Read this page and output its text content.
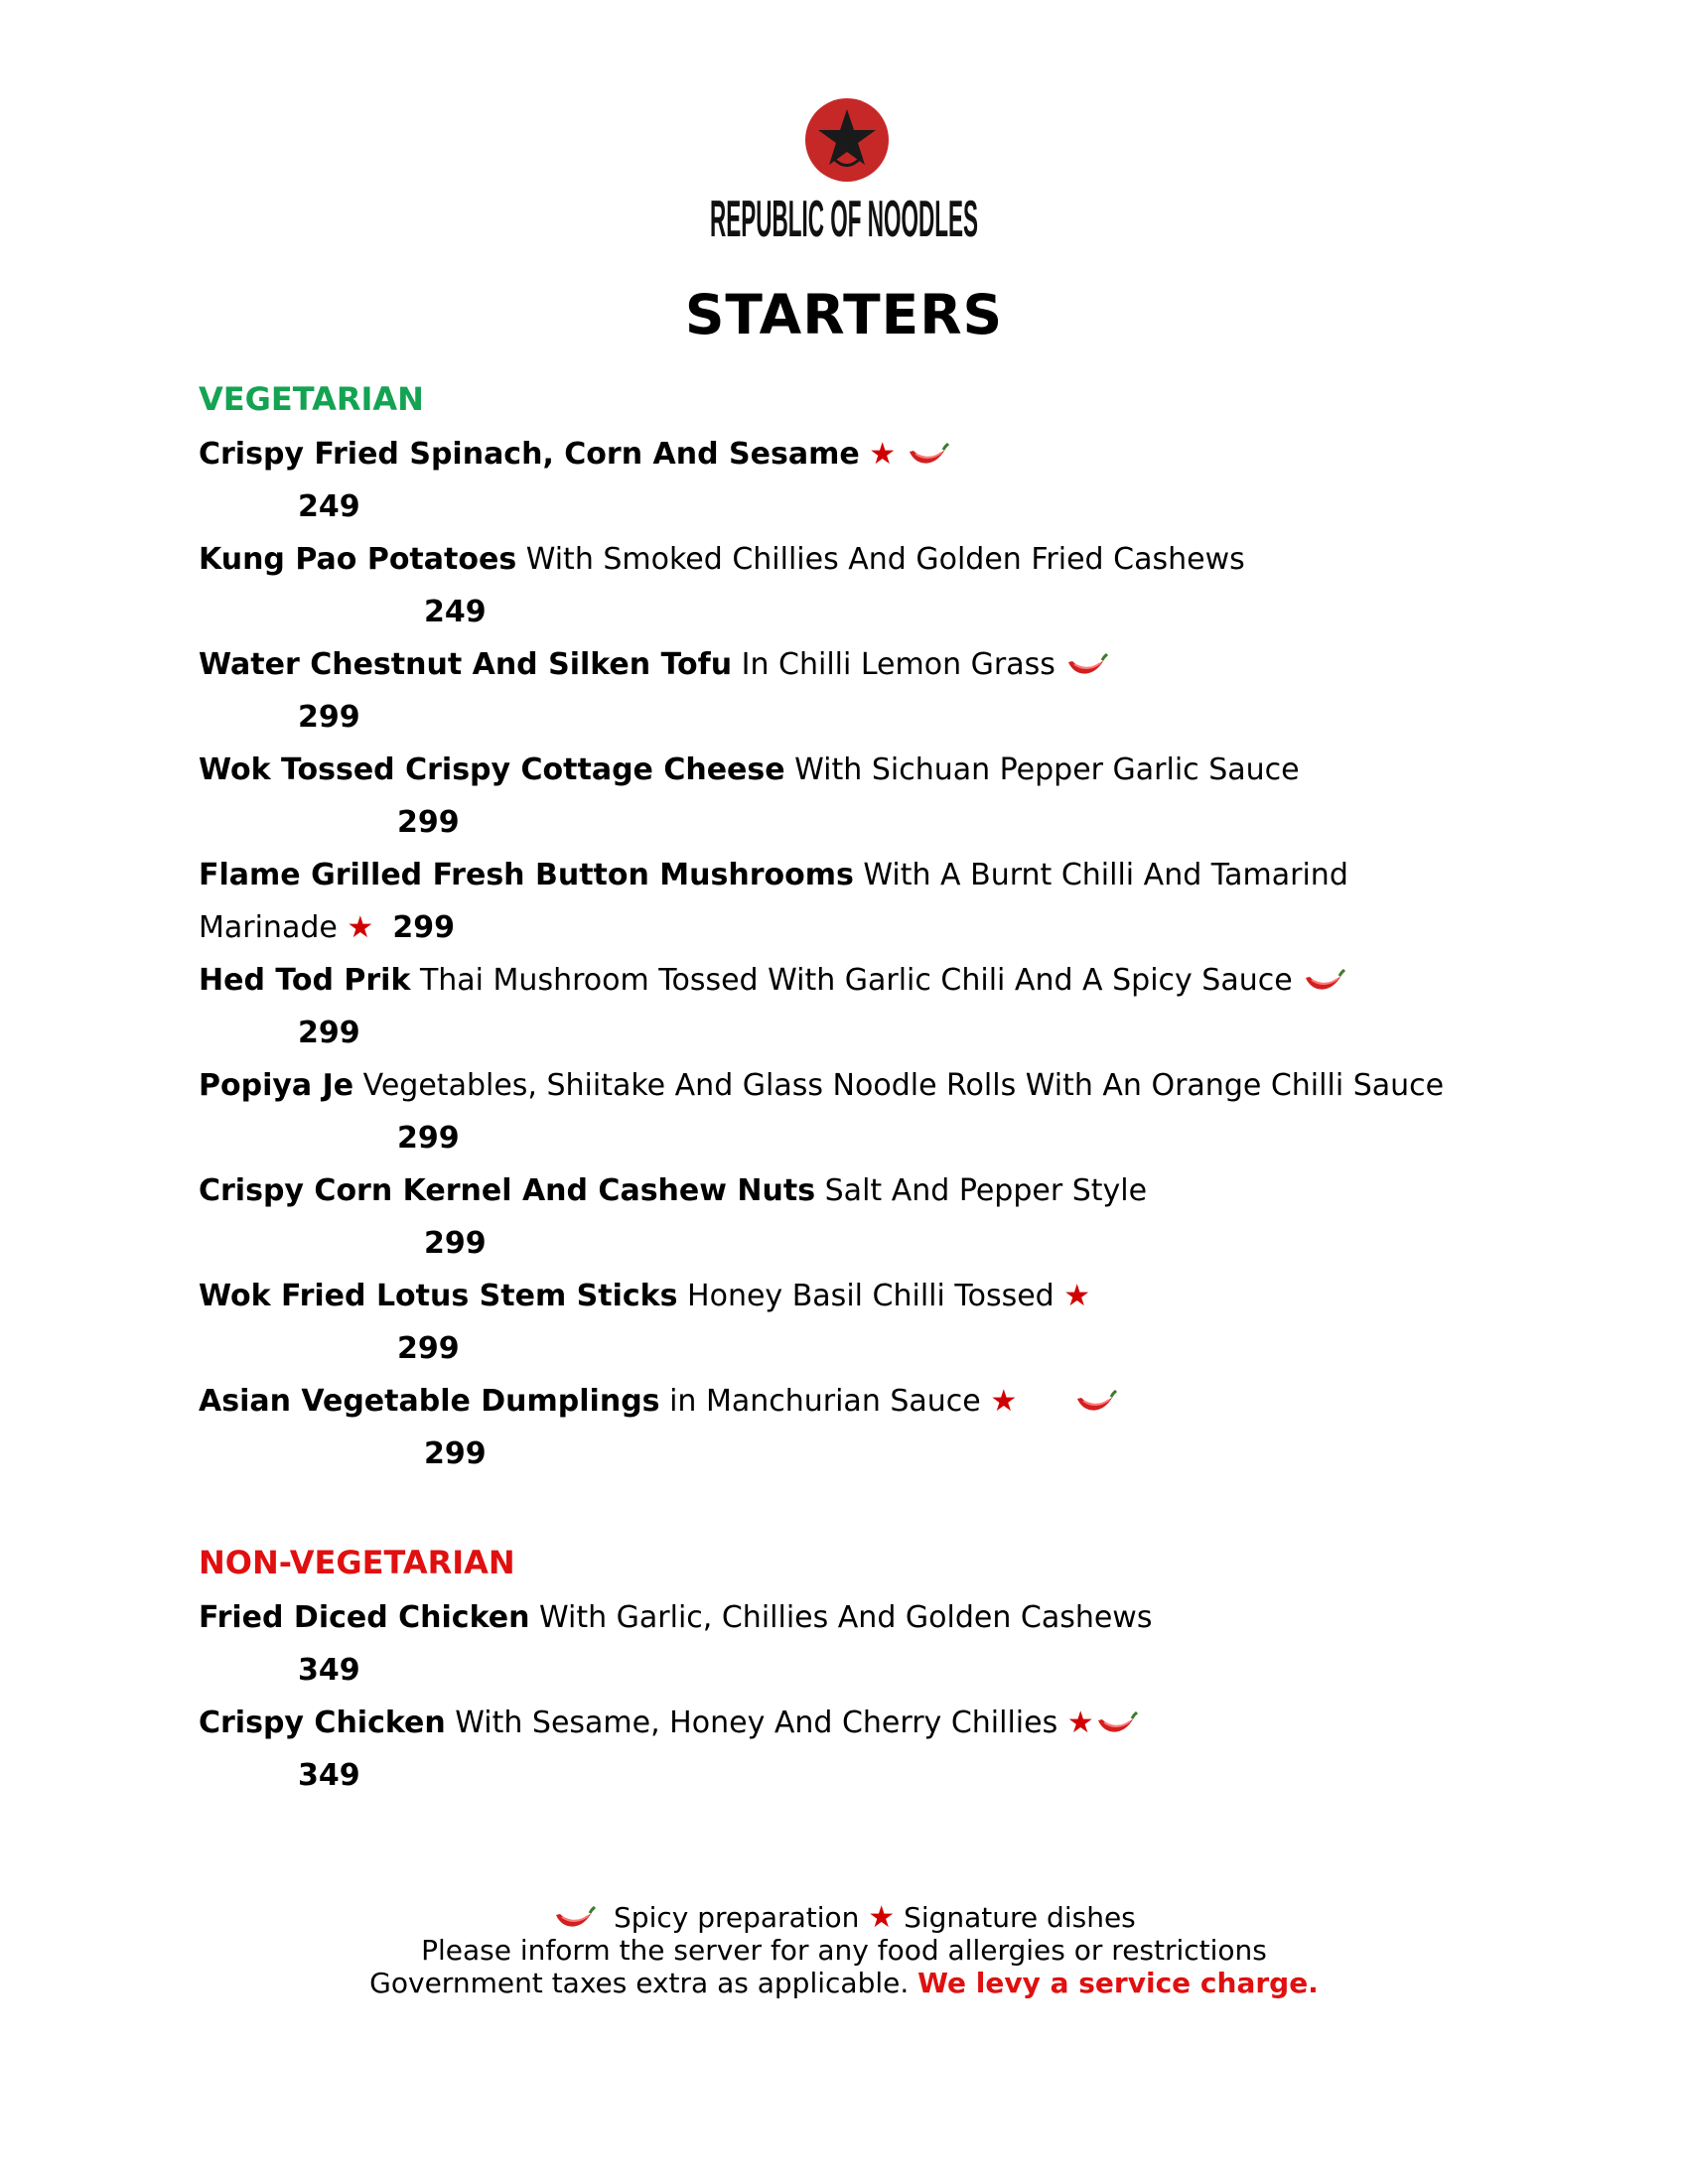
REPUBLIC OF NOODLES
STARTERS
VEGETARIAN
Crispy Fried Spinach, Corn And Sesame ★
249
Kung Pao Potatoes With Smoked Chillies And Golden Fried Cashews
249
Water Chestnut And Silken Tofu In Chilli Lemon Grass
299
Wok Tossed Crispy Cottage Cheese With Sichuan Pepper Garlic Sauce
299
Flame Grilled Fresh Button Mushrooms With A Burnt Chilli And Tamarind
Marinade ★ 299
Hed Tod Prik Thai Mushroom Tossed With Garlic Chili And A Spicy Sauce
299
Popiya Je Vegetables, Shiitake And Glass Noodle Rolls With An Orange Chilli Sauce
299
Crispy Corn Kernel And Cashew Nuts Salt And Pepper Style
299
Wok Fried Lotus Stem Sticks Honey Basil Chilli Tossed ★
299
Asian Vegetable Dumplings in Manchurian Sauce ★
299
NON-VEGETARIAN
Fried Diced Chicken With Garlic, Chillies And Golden Cashews
349
Crispy Chicken With Sesame, Honey And Cherry Chillies ★
349
Spicy preparation ★ Signature dishes
Please inform the server for any food allergies or restrictions
Government taxes extra as applicable. We levy a service charge.
